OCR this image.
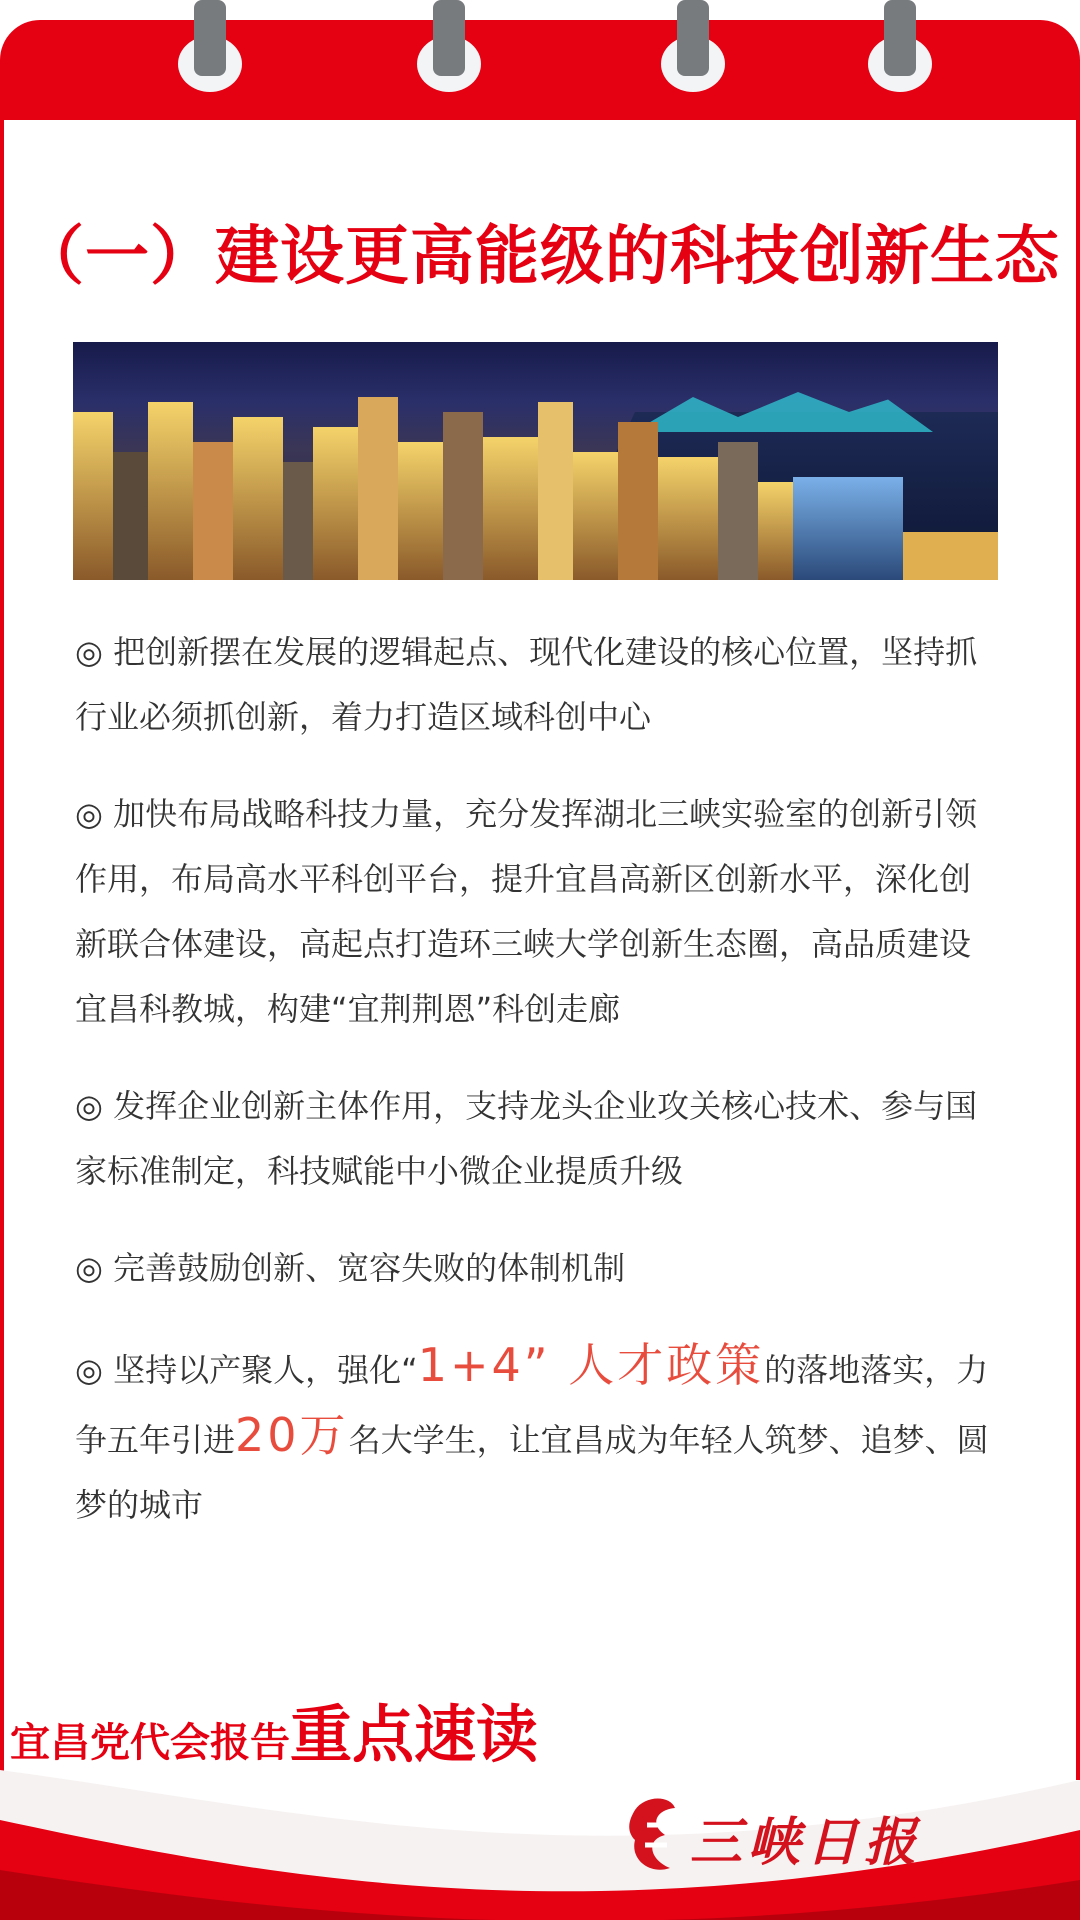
（一）建设更高能级的科技创新生态

◎ 把创新摆在发展的逻辑起点、现代化建设的核心位置，坚持抓行业必须抓创新，着力打造区域科创中心

◎ 加快布局战略科技力量，充分发挥湖北三峡实验室的创新引领作用，布局高水平科创平台，提升宜昌高新区创新水平，深化创新联合体建设，高起点打造环三峡大学创新生态圈，高品质建设宜昌科教城，构建“宜荆荆恩”科创走廊

◎ 发挥企业创新主体作用，支持龙头企业攻关核心技术、参与国家标准制定，科技赋能中小微企业提质升级

◎ 完善鼓励创新、宽容失败的体制机制

◎ 坚持以产聚人，强化“1+4” 人才政策的落地落实，力争五年引进20万名大学生，让宜昌成为年轻人筑梦、追梦、圆梦的城市

宜昌党代会报告重点速读
三峡日报
